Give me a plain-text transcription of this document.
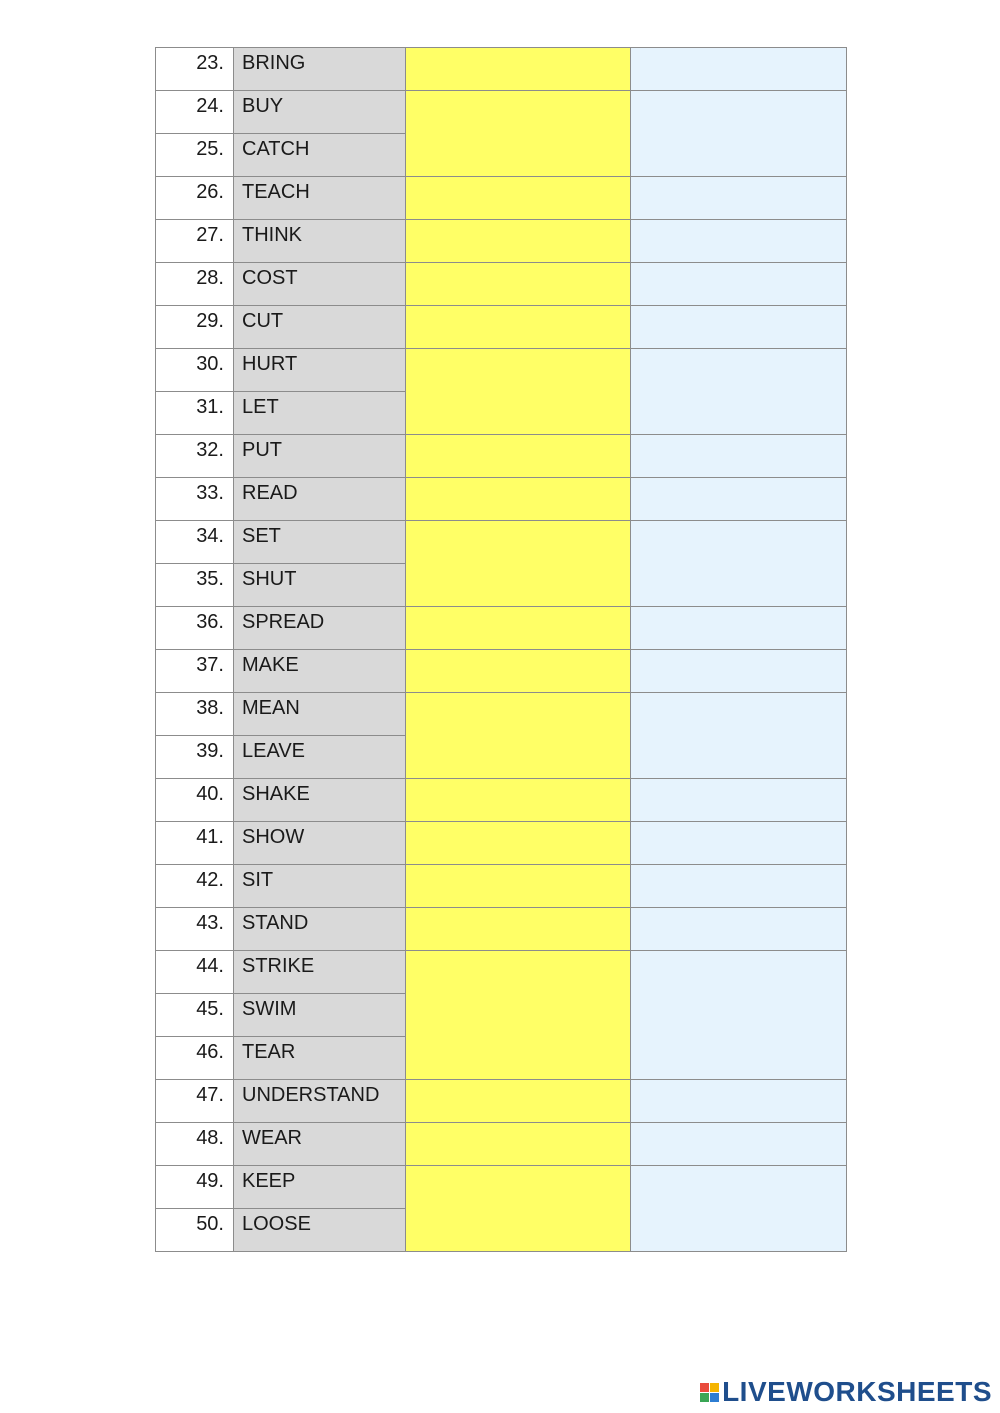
23.	BRING		
24.	BUY		
25.	CATCH		
26.	TEACH		
27.	THINK		
28.	COST		
29.	CUT		
30.	HURT		
31.	LET		
32.	PUT		
33.	READ		
34.	SET		
35.	SHUT		
36.	SPREAD		
37.	MAKE		
38.	MEAN		
39.	LEAVE		
40.	SHAKE		
41.	SHOW		
42.	SIT		
43.	STAND		
44.	STRIKE		
45.	SWIM		
46.	TEAR		
47.	UNDERSTAND		
48.	WEAR		
49.	KEEP		
50.	LOOSE		
LIVEWORKSHEETS
